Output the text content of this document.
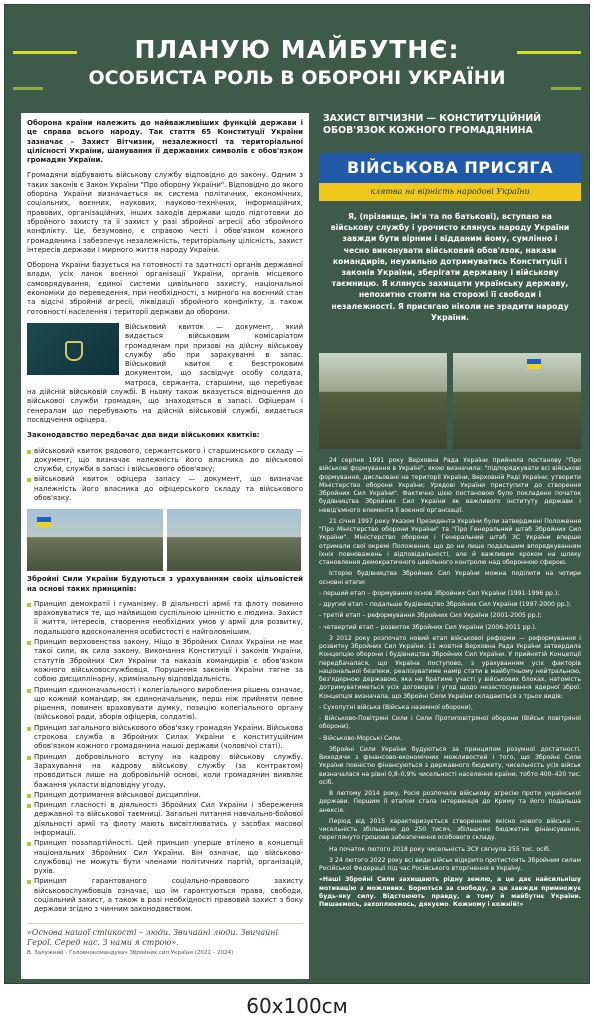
ПЛАНУЮ МАЙБУТНЄ:
ОСОБИСТА РОЛЬ В ОБОРОНІ УКРАЇНИ

Оборона країни належить до найважливіших функцій держави і це справа всього народу. Так стаття 65 Конституції України зазначає – Захист Вітчизни, незалежності та територіальної цілісності України, шанування її державних символів є обов'язком громадян України.

Громадяни відбувають військову службу відповідно до закону. Одним з таких законів є Закон України "Про оборону України". Відповідно до якого оборона України визначається як система політичних, економічних, соціальних, воєнних, наукових, науково-технічних, інформаційних, правових, організаційних, інших заходів держави щодо підготовки до збройного захисту та її захист у разі збройної агресії або збройного конфлікту. Це, безумовно, є справою честі і обов'язком кожного громадянина і забезпечує незалежність, територіальну цілісність, захист інтересів держави і мирного життя народу України.

Оборона України базується на готовності та здатності органів державної влади, усіх ланок воєнної організації України, органів місцевого самоврядування, єдиної системи цивільного захисту, національної економіки до переведення, при необхідності, з мирного на воєнний стан та відсічі збройній агресії, ліквідації збройного конфлікту, а також готовності населення і території держави до оборони.

Військовий квиток — документ, який видається військовим комісаріатом громадянам при призові на дійсну військову службу або при зарахуванні в запас. Військовий квиток є безстроковим документом, що засвідчує особу солдата, матроса, сержанта, старшини, що перебуває на дійсній військовій службі. В ньому також вказується відношення до військової служби громадян, що знаходяться в запасі. Офіцерам і генералам що перебувають на дійсній військовій службі, видається посвідчення офіцера.

Законодавство передбачає два види військових квитків:

військовий квиток рядового, сержантського і старшинського складу — документ, що визначає належність його власника до військової служби, служби в запасі і військового обов'язку;
військовий квиток офіцера запасу — документ, що визначає належність його власника до офіцерського складу та військового обов'язку.

Збройні Сили України будуються з урахуванням своїх цільовістей на основі таких принципів:

Принцип демократії і гуманізму. В діяльності армії та флоту повинно враховуватися те, що найвищою суспільною цінністю є людина. Захист її життя, інтересів, створення необхідних умов у армії для розвитку, подальшого вдосконалення особистості є найголовнішим.
Принцип верховенства закону. Ніщо в Збройних Силах України не має такої сили, як сила закону. Виконання Конституції і законів України, статутів Збройних Сил України та наказів командирів є обов'язком кожного військовослужбовця. Порушення законів України тягне за собою дисциплінарну, кримінальну відповідальність.
Принцип єдиноначальності і колегіального вироблення рішень означає, що кожний командир, як єдиноначальник, перш ніж прийняти певне рішення, повинен враховувати думку, позицію колегіального органу (військової ради, зборів офіцерів, солдатів).
Принцип загального військового обов'язку громадян України. Військова строкова служба в Збройних Силах України є конституційним обов'язком кожного громадянина нашої держави (чоловічої статі).
Принцип добровільного вступу на кадрову військову службу. Зарахування на кадрову військову службу (за контрактом) проводиться лише на добровільній основі, коли громадянин виявляє бажання укласти відповідну угоду.
Принцип дотримання військової дисципліни.
Принцип гласності в діяльності Збройних Сил України і збереження державної та військової таємниці. Загальні питання навчально-бойової діяльності армії та флоту мають висвітлюватись у засобах масової інформації.
Принцип позапартійності. Цей принцип уперше втілено в концепції національних Збройних Сил України. Він означає, що військово-службовці не можуть бути членами політичних партій, організацій, рухів.
Принцип гарантованого соціально-правового захисту військовослужбовців означає, що їм гарантуються права, свободи, соціальний захист, а також в разі необхідності правовий захист з боку держави згідно з чинним законодавством.
«Основа нашої стійкості – люди. Звичайні люди. Звичайні Герої. Серед нас. З нами я строю».
В. Залужний - Головнокомандувач Збройних сил України (2021 – 2024)
ЗАХИСТ ВІТЧИЗНИ — КОНСТИТУЦІЙНИЙ ОБОВ'ЯЗОК КОЖНОГО ГРОМАДЯНИНА
ВІЙСЬКОВА ПРИСЯГА
клятва на вірність народові України
Я, (прізвище, ім'я та по батькові), вступаю на військову службу і урочисто клянусь народу України завжди бути вірним і відданим йому, сумлінно і чесно виконувати військовий обов'язок, накази командирів, неухильно дотримуватись Конституції і законів України, зберігати державну і військову таємницю. Я клянусь захищати українську державу, непохитно стояти на сторожі її свободи і незалежності. Я присягаю ніколи не зрадити народу України.

24 серпня 1991 року Верховна Рада України прийняла постанову "Про військові формування в Україні", якою визначила: "підпорядкувати всі військові формування, дисльовані на території України, Верховній Раді України; утворити Міністерство оборони України; Урядові України приступити до створення Збройних Сил України". Фактично цією постановою було покладено початок будівництва Збройних Сил України як важливого інституту держави і невід'ємного елемента її воєнної організації.

21 січня 1997 року Указом Президента України були затверджені Положення "Про Міністерство оборони України" та "Про Генеральний штаб Збройних Сил України". Міністерство оборони і Генеральний штаб ЗС України вперше отримали свої окремі Положення, що до не лише подальшим впорядкуванням їхніх повноважень і відповідальності, але й важливим кроком на шляху становлення демократичного цивільного контролю над оборонною сферою.

Історію будівництва Збройних Сил України можна поділити на чотири основні етапи:

- перший етап – формування основ Збройних Сил України (1991-1996 рр.);

- другий етап – подальше будівництво Збройних Сил України (1997-2000 рр.);

- третій етап – реформування Збройних Сил України (2001-2005 рр.);

- четвертий етап – розвиток Збройних Сил України (2006-2011 рр.).

3 2012 року розпочато новий етап військової реформи — реформування і розвитку Збройних Сил України. 11 жовтня Верховна Рада України затвердила Концепцію оборони і будівництва Збройних Сил України. У прийнятій Концепції передбачалася, що Україна поступово, з урахуванням усіх факторів національної безпеки, реалізуватиме намір стати в майбутньому нейтральною, без'ядерною державою, яка не братиме участі у військових блоках, натомість дотримуватиметься усіх договорів і угод щодо незастосування ядерної зброї. Концепція визначала, що Збройні Сили України складаються з трьох видів:

- Сухопутні війська (Війська наземної оборони),

- Військово-Повітряні Сили і Сили Протиповітряної оборони (Військ повітряної оборони),

- Військово-Морські Сили.

Збройні Сили України будуються за принципом розумної достатності. Виходячи з фінансово-економічних можливостей і того, що Збройні Сили України повністю фінансуються з державного бюджету, чисельність усіх військ визначалася на рівні 0,8–0,9% чисельності населення країни, тобто 400–420 тис. осіб.

В лютому 2014 року, Росія розпочала військову агресію проти української держави. Першим її етапом стала інтервенція до Криму та його подальша анексія.

Період від 2015 характеризується створенням якісно нового війська — чисельність збільшено до 250 тисяч, збільшено бюджетне фінансування, переглянуто грошове забезпечення особового складу.

На початок лютого 2018 року чисельність ЗСУ сягнула 255 тис. осіб.

З 24 лютого 2022 року всі види військ відкрито протистоять Збройним силам Російської Федерації під час Російського вторгнення в Україну.

«Наші Збройні Сили захищають рідну землю, а це дає найсильнішу мотивацію з можливих. Борються за свободу, а це завжди примножує будь-яку силу. Відстоюють правду, а тому й майбутнє України. Пишаємось, захоплюємось, дякуємо. Кожному і кожній!»

60x100см
